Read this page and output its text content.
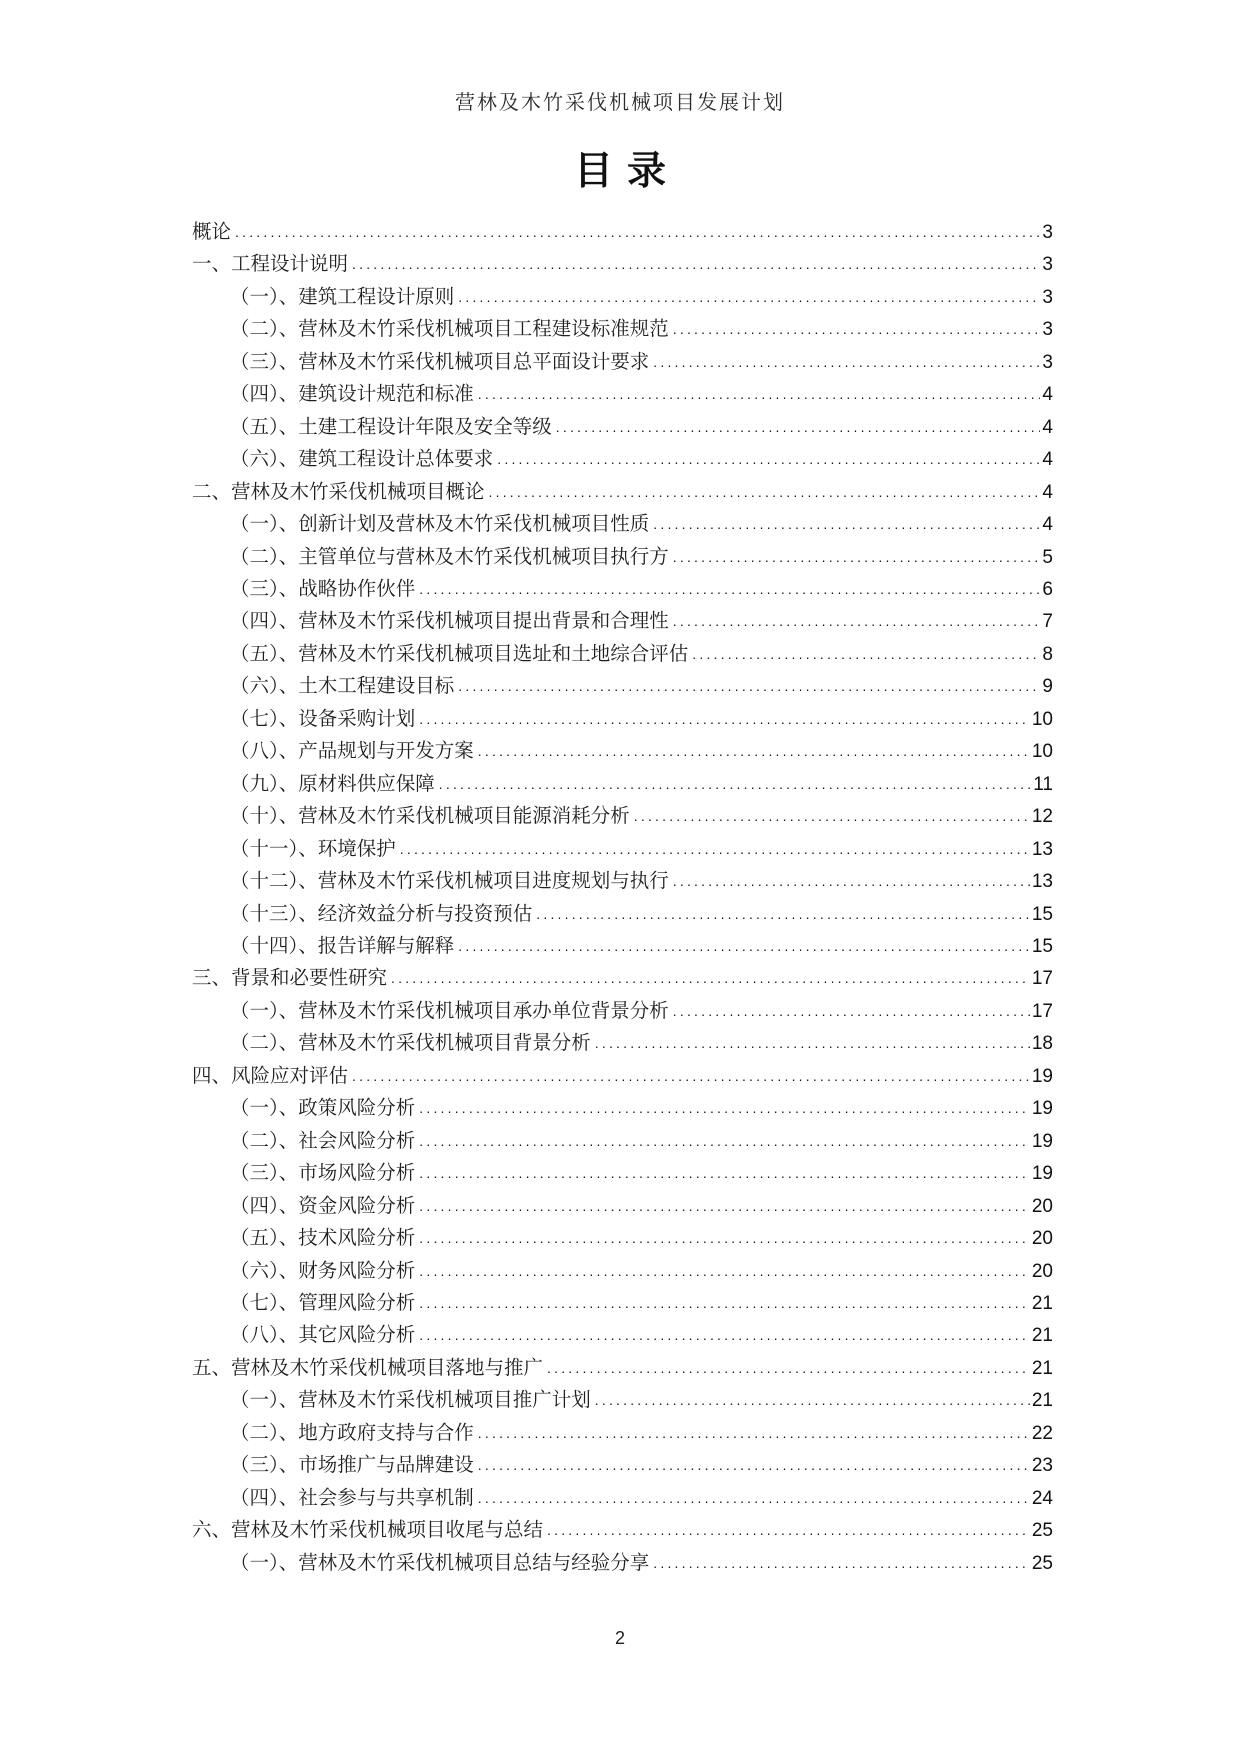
营林及木竹采伐机械项目发展计划
目录
概论 .....	3
一、工程设计说明 .....	3
（一）、建筑工程设计原则 .....	3
（二）、营林及木竹采伐机械项目工程建设标准规范 .....	3
（三）、营林及木竹采伐机械项目总平面设计要求 .....	3
（四）、建筑设计规范和标准 .....	4
（五）、土建工程设计年限及安全等级 .....	4
（六）、建筑工程设计总体要求 .....	4
二、营林及木竹采伐机械项目概论 .....	4
（一）、创新计划及营林及木竹采伐机械项目性质 .....	4
（二）、主管单位与营林及木竹采伐机械项目执行方 .....	5
（三）、战略协作伙伴 .....	6
（四）、营林及木竹采伐机械项目提出背景和合理性 .....	7
（五）、营林及木竹采伐机械项目选址和土地综合评估 .....	8
（六）、土木工程建设目标 .....	9
（七）、设备采购计划 .....	10
（八）、产品规划与开发方案 .....	10
（九）、原材料供应保障 .....	11
（十）、营林及木竹采伐机械项目能源消耗分析 .....	12
（十一）、环境保护 .....	13
（十二）、营林及木竹采伐机械项目进度规划与执行 .....	13
（十三）、经济效益分析与投资预估 .....	15
（十四）、报告详解与解释 .....	15
三、背景和必要性研究 .....	17
（一）、营林及木竹采伐机械项目承办单位背景分析 .....	17
（二）、营林及木竹采伐机械项目背景分析 .....	18
四、风险应对评估 .....	19
（一）、政策风险分析 .....	19
（二）、社会风险分析 .....	19
（三）、市场风险分析 .....	19
（四）、资金风险分析 .....	20
（五）、技术风险分析 .....	20
（六）、财务风险分析 .....	20
（七）、管理风险分析 .....	21
（八）、其它风险分析 .....	21
五、营林及木竹采伐机械项目落地与推广 .....	21
（一）、营林及木竹采伐机械项目推广计划 .....	21
（二）、地方政府支持与合作 .....	22
（三）、市场推广与品牌建设 .....	23
（四）、社会参与与共享机制 .....	24
六、营林及木竹采伐机械项目收尾与总结 .....	25
（一）、营林及木竹采伐机械项目总结与经验分享 .....	25
2
